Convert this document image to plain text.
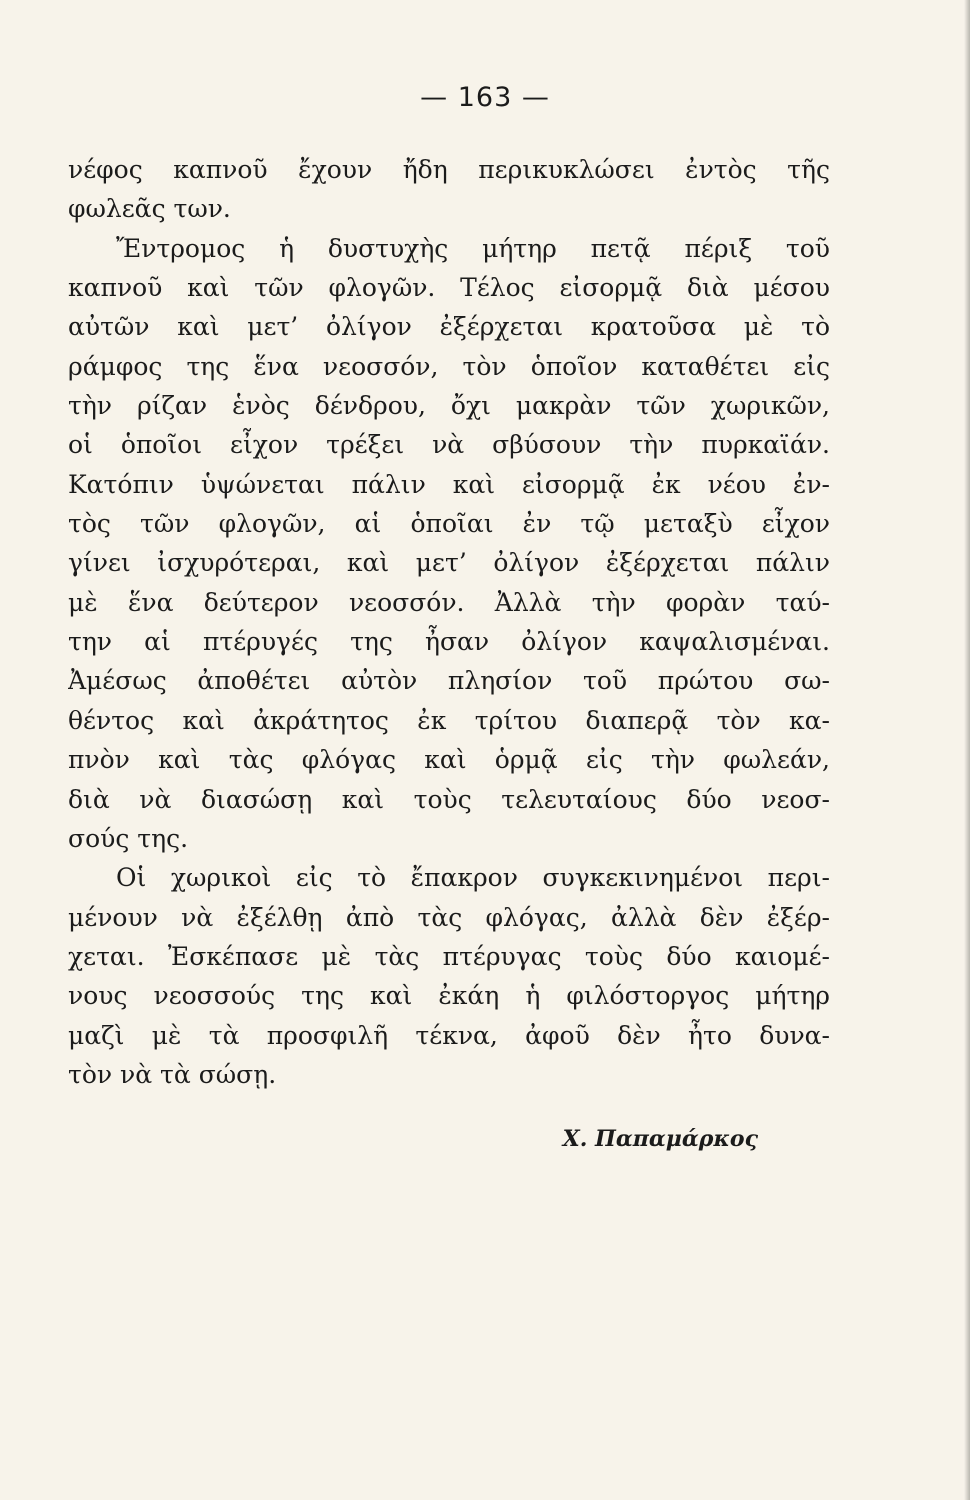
— 163 —
νέφος καπνοῦ ἔχουν ἤδη περικυκλώσει ἐντὸς τῆς
φωλεᾶς των.
Ἔντρομος ἡ δυστυχὴς μήτηρ πετᾷ πέριξ τοῦ
καπνοῦ καὶ τῶν φλογῶν. Τέλος εἰσορμᾷ διὰ μέσου
αὐτῶν καὶ μετ’ ὀλίγον ἐξέρχεται κρατοῦσα μὲ τὸ
ράμφος της ἕνα νεοσσόν, τὸν ὁποῖον καταθέτει εἰς
τὴν ρίζαν ἑνὸς δένδρου, ὄχι μακρὰν τῶν χωρικῶν,
οἱ ὁποῖοι εἶχον τρέξει νὰ σβύσουν τὴν πυρκαϊάν.
Κατόπιν ὑψώνεται πάλιν καὶ εἰσορμᾷ ἐκ νέου ἐν-
τὸς τῶν φλογῶν, αἱ ὁποῖαι ἐν τῷ μεταξὺ εἶχον
γίνει ἰσχυρότεραι, καὶ μετ’ ὀλίγον ἐξέρχεται πάλιν
μὲ ἕνα δεύτερον νεοσσόν. Ἀλλὰ τὴν φορὰν ταύ-
την αἱ πτέρυγές της ἦσαν ὀλίγον καψαλισμέναι.
Ἀμέσως ἀποθέτει αὐτὸν πλησίον τοῦ πρώτου σω-
θέντος καὶ ἀκράτητος ἐκ τρίτου διαπερᾷ τὸν κα-
πνὸν καὶ τὰς φλόγας καὶ ὁρμᾷ εἰς τὴν φωλεάν,
διὰ νὰ διασώσῃ καὶ τοὺς τελευταίους δύο νεοσ-
σούς της.
Οἱ χωρικοὶ εἰς τὸ ἔπακρον συγκεκινημένοι περι-
μένουν νὰ ἐξέλθῃ ἀπὸ τὰς φλόγας, ἀλλὰ δὲν ἐξέρ-
χεται. Ἐσκέπασε μὲ τὰς πτέρυγας τοὺς δύο καιομέ-
νους νεοσσούς της καὶ ἐκάη ἡ φιλόστοργος μήτηρ
μαζὶ μὲ τὰ προσφιλῆ τέκνα, ἀφοῦ δὲν ἦτο δυνα-
τὸν νὰ τὰ σώσῃ.
Χ. Παπαμάρκος
